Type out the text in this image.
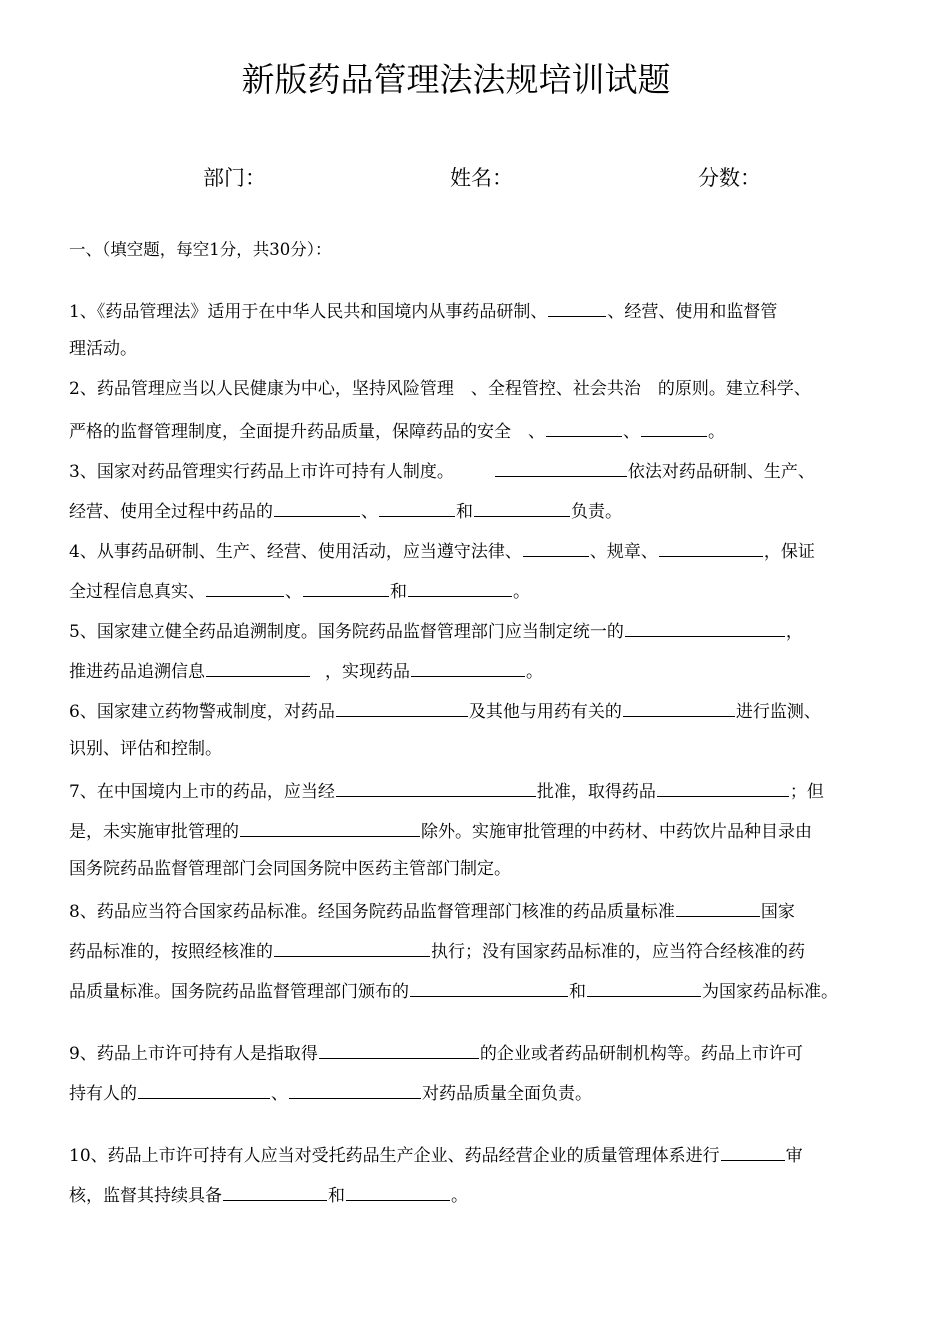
新版药品管理法法规培训试题
部门：	姓名：	分数：
一、（填空题，每空1分，共30分）：
1、《药品管理法》适用于在中华人民共和国境内从事药品研制、	、经营、使用和监督管
理活动。
2、药品管理应当以人民健康为中心，坚持风险管理　、全程管控、社会共治　的原则。建立科学、
严格的监督管理制度，全面提升药品质量，保障药品的安全　、	、	。
3、国家对药品管理实行药品上市许可持有人制度。	依法对药品研制、生产、
经营、使用全过程中药品的	、	和	负责。
4、从事药品研制、生产、经营、使用活动，应当遵守法律、	、规章、	，保证
全过程信息真实、	、	和	。
5、国家建立健全药品追溯制度。国务院药品监督管理部门应当制定统一的	，
推进药品追溯信息	，实现药品	。
6、国家建立药物警戒制度，对药品	及其他与用药有关的	进行监测、
识别、评估和控制。
7、在中国境内上市的药品，应当经	批准，取得药品	；但
是，未实施审批管理的	除外。实施审批管理的中药材、中药饮片品种目录由
国务院药品监督管理部门会同国务院中医药主管部门制定。
8、药品应当符合国家药品标准。经国务院药品监督管理部门核准的药品质量标准	国家
药品标准的，按照经核准的	执行；没有国家药品标准的，应当符合经核准的药
品质量标准。国务院药品监督管理部门颁布的	和	为国家药品标准。
9、药品上市许可持有人是指取得	的企业或者药品研制机构等。药品上市许可
持有人的	、	对药品质量全面负责。
10、药品上市许可持有人应当对受托药品生产企业、药品经营企业的质量管理体系进行	审
核，监督其持续具备	和	。
